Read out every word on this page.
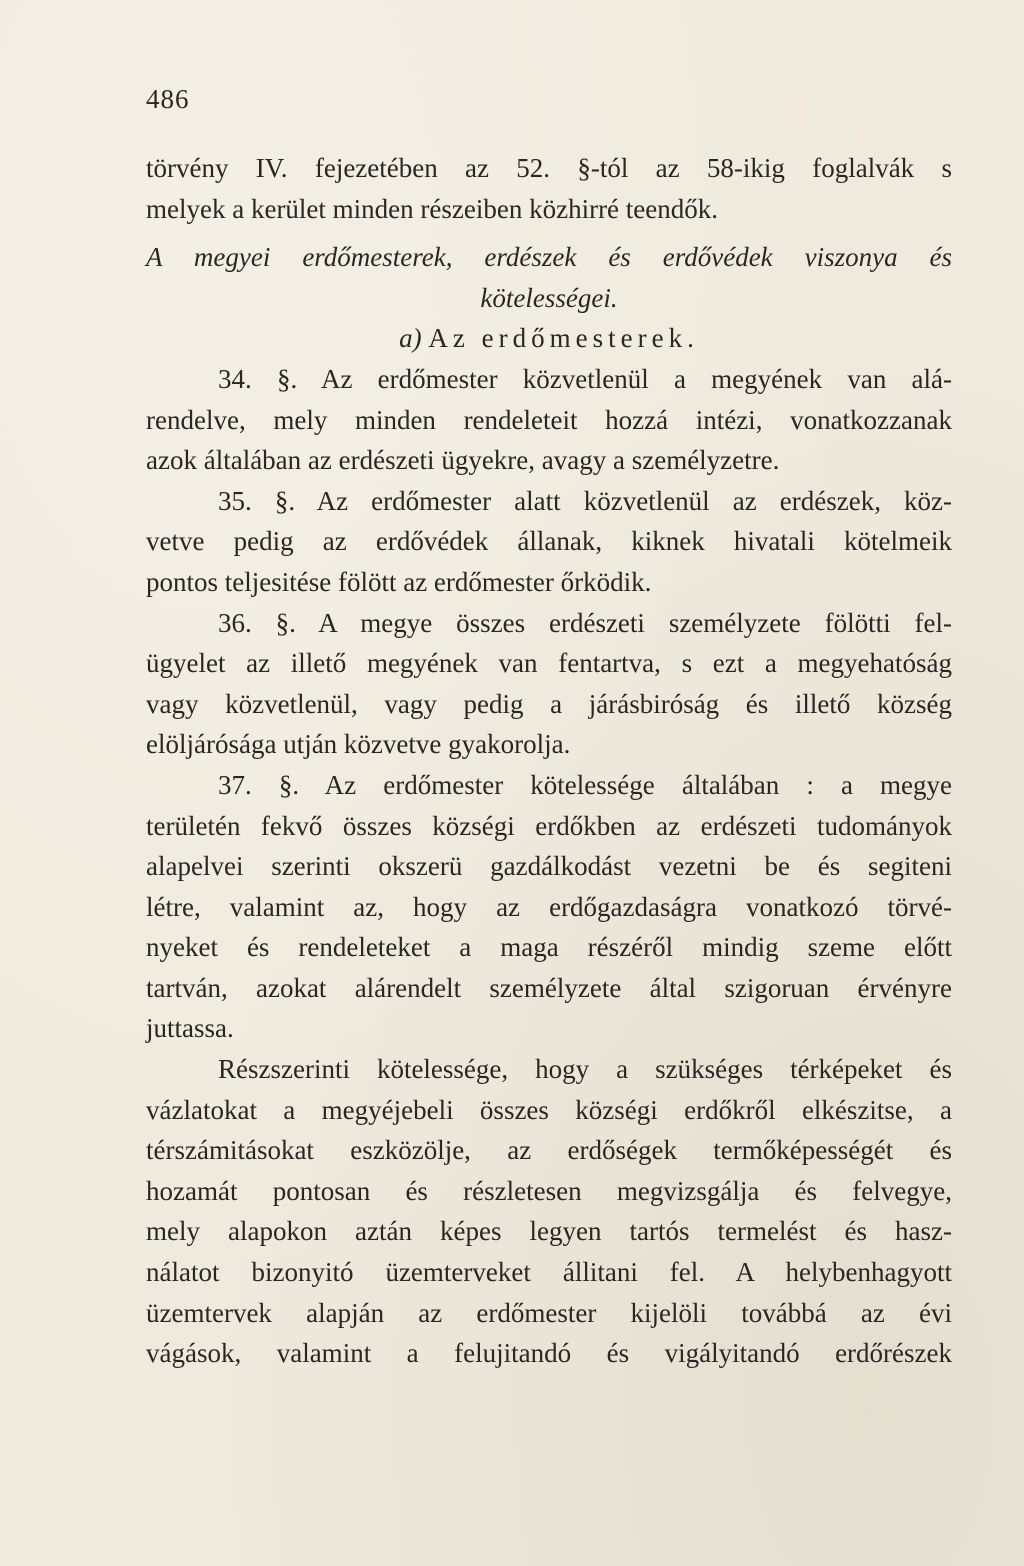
486
törvény IV. fejezetében az 52. §-tól az 58-ikig foglalvák s
melyek a kerület minden részeiben közhirré teendők.
A megyei erdőmesterek, erdészek és erdővédek viszonya és
kötelességei.
a) Az erdőmesterek.
34. §. Az erdőmester közvetlenül a megyének van alá-
rendelve, mely minden rendeleteit hozzá intézi, vonatkozzanak
azok általában az erdészeti ügyekre, avagy a személyzetre.
35. §. Az erdőmester alatt közvetlenül az erdészek, köz-
vetve pedig az erdővédek állanak, kiknek hivatali kötelmeik
pontos teljesitése fölött az erdőmester őrködik.
36. §. A megye összes erdészeti személyzete fölötti fel-
ügyelet az illető megyének van fentartva, s ezt a megyehatóság
vagy közvetlenül, vagy pedig a járásbiróság és illető község
elöljárósága utján közvetve gyakorolja.
37. §. Az erdőmester kötelessége általában : a megye
területén fekvő összes községi erdőkben az erdészeti tudományok
alapelvei szerinti okszerü gazdálkodást vezetni be és segiteni
létre, valamint az, hogy az erdőgazdaságra vonatkozó törvé-
nyeket és rendeleteket a maga részéről mindig szeme előtt
tartván, azokat alárendelt személyzete által szigoruan érvényre
juttassa.
Részszerinti kötelessége, hogy a szükséges térképeket és
vázlatokat a megyéjebeli összes községi erdőkről elkészitse, a
térszámitásokat eszközölje, az erdőségek termőképességét és
hozamát pontosan és részletesen megvizsgálja és felvegye,
mely alapokon aztán képes legyen tartós termelést és hasz-
nálatot bizonyitó üzemterveket állitani fel. A helybenhagyott
üzemtervek alapján az erdőmester kijelöli továbbá az évi
vágások, valamint a felujitandó és vigályitandó erdőrészek
